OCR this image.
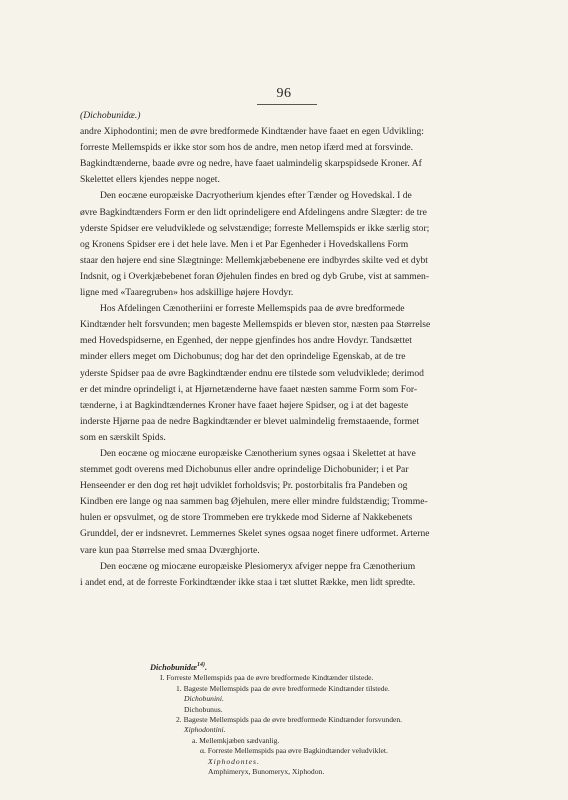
96

(Dichobunidæ.)

andre Xiphodontini; men de øvre bredformede Kindtænder have faaet en egen Udvikling:

forreste Mellemspids er ikke stor som hos de andre, men netop ifærd med at forsvinde.

Bagkindtænderne, baade øvre og nedre, have faaet ualmindelig skarpspidsede Kroner. Af

Skelettet ellers kjendes neppe noget.

Den eocæne europæiske Dacryotherium kjendes efter Tænder og Hovedskal. I de

øvre Bagkindtænders Form er den lidt oprindeligere end Afdelingens andre Slægter: de tre

yderste Spidser ere veludviklede og selvstændige; forreste Mellemspids er ikke særlig stor;

og Kronens Spidser ere i det hele lave. Men i et Par Egenheder i Hovedskallens Form

staar den højere end sine Slægtninge: Mellemkjæbebenene ere indbyrdes skilte ved et dybt

Indsnit, og i Overkjæbebenet foran Øjehulen findes en bred og dyb Grube, vist at sammen-

ligne med «Taaregruben» hos adskillige højere Hovdyr.

Hos Afdelingen Cænotheriini er forreste Mellemspids paa de øvre bredformede

Kindtænder helt forsvunden; men bageste Mellemspids er bleven stor, næsten paa Størrelse

med Hovedspidserne, en Egenhed, der neppe gjenfindes hos andre Hovdyr. Tandsættet

minder ellers meget om Dichobunus; dog har det den oprindelige Egenskab, at de tre

yderste Spidser paa de øvre Bagkindtænder endnu ere tilstede som veludviklede; derimod

er det mindre oprindeligt i, at Hjørnetænderne have faaet næsten samme Form som For-

tænderne, i at Bagkindtændernes Kroner have faaet højere Spidser, og i at det bageste

inderste Hjørne paa de nedre Bagkindtænder er blevet ualmindelig fremstaaende, formet

som en særskilt Spids.

Den eocæne og miocæne europæiske Cænotherium synes ogsaa i Skelettet at have

stemmet godt overens med Dichobunus eller andre oprindelige Dichobunider; i et Par

Henseender er den dog ret højt udviklet forholdsvis; Pr. postorbitalis fra Pandeben og

Kindben ere lange og naa sammen bag Øjehulen, mere eller mindre fuldstændig; Tromme-

hulen er opsvulmet, og de store Trommeben ere trykkede mod Siderne af Nakkebenets

Grunddel, der er indsnevret. Lemmernes Skelet synes ogsaa noget finere udformet. Arterne

vare kun paa Størrelse med smaa Dværghjorte.

Den eocæne og miocæne europæiske Plesiomeryx afviger neppe fra Cænotherium

i andet end, at de forreste Forkindtænder ikke staa i tæt sluttet Række, men lidt spredte.

Dichobunidæ$^{14)}$.
I. Forreste Mellemspids paa de øvre bredformede Kindtænder tilstede.
1. Bageste Mellemspids paa de øvre bredformede Kindtænder tilstede.
Dichobunini.
Dichobunus.
2. Bageste Mellemspids paa de øvre bredformede Kindtænder forsvunden.
Xiphodontini.
a. Mellemkjæben sædvanlig.
α. Forreste Mellemspids paa øvre Bagkindtænder veludviklet.
Xiphodontes.
Amphimeryx, Bunomeryx, Xiphodon.
